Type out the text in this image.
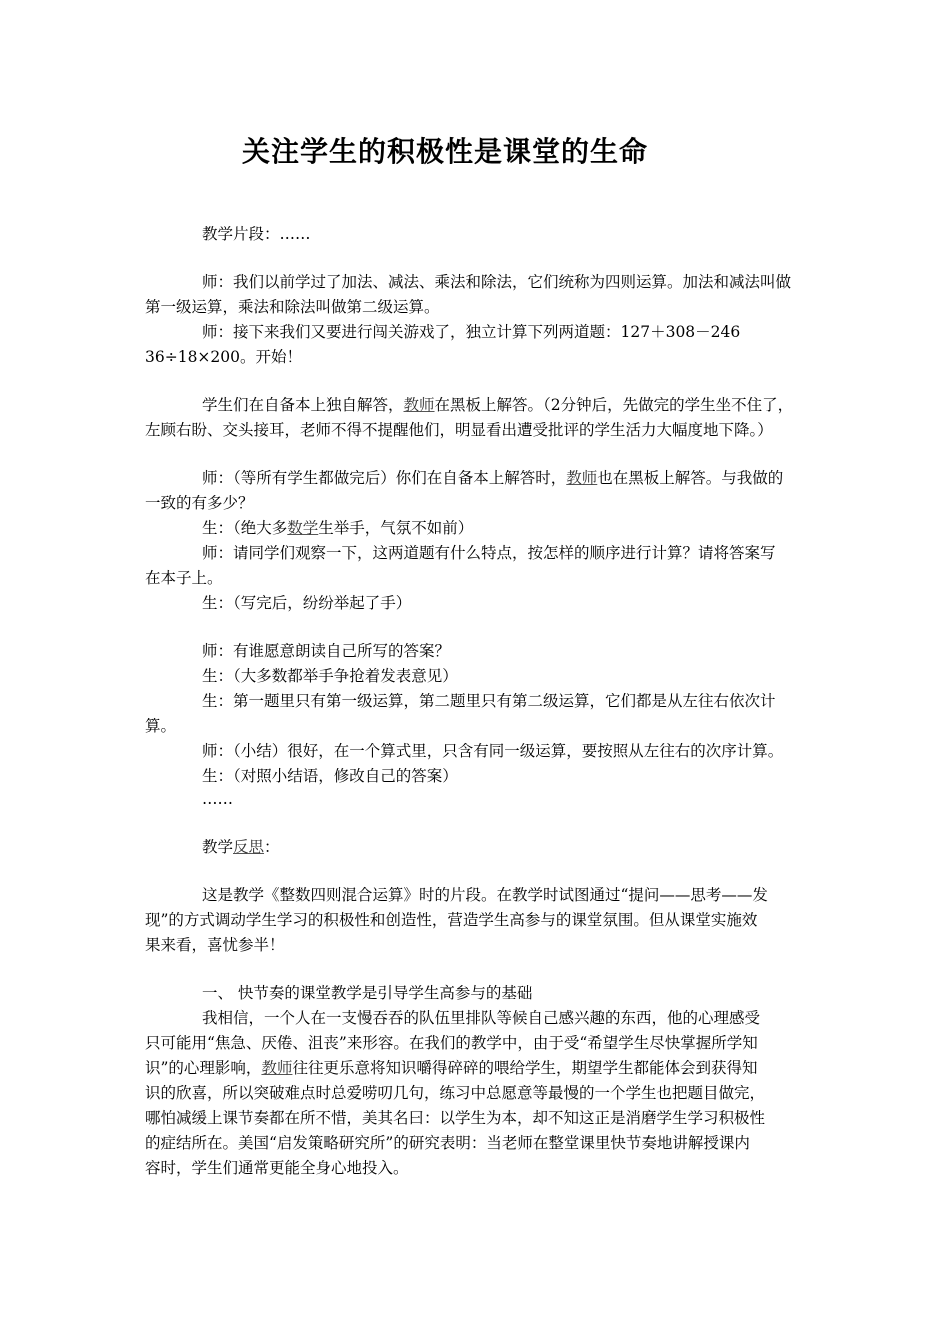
关注学生的积极性是课堂的生命
教学片段：……
师：我们以前学过了加法、减法、乘法和除法，它们统称为四则运算。加法和减法叫做
第一级运算，乘法和除法叫做第二级运算。
师：接下来我们又要进行闯关游戏了，独立计算下列两道题：127＋308－246
36÷18×200。开始！
学生们在自备本上独自解答，教师在黑板上解答。（2分钟后，先做完的学生坐不住了，
左顾右盼、交头接耳，老师不得不提醒他们，明显看出遭受批评的学生活力大幅度地下降。）
师：（等所有学生都做完后）你们在自备本上解答时，教师也在黑板上解答。与我做的
一致的有多少？
生：（绝大多数学生举手，气氛不如前）
师：请同学们观察一下，这两道题有什么特点，按怎样的顺序进行计算？请将答案写
在本子上。
生：（写完后，纷纷举起了手）
师：有谁愿意朗读自己所写的答案？
生：（大多数都举手争抢着发表意见）
生：第一题里只有第一级运算，第二题里只有第二级运算，它们都是从左往右依次计
算。
师：（小结）很好，在一个算式里，只含有同一级运算，要按照从左往右的次序计算。
生：（对照小结语，修改自己的答案）
……
教学反思：
这是教学《整数四则混合运算》时的片段。在教学时试图通过“提问——思考——发
现”的方式调动学生学习的积极性和创造性，营造学生高参与的课堂氛围。但从课堂实施效
果来看，喜忧参半！
一、 快节奏的课堂教学是引导学生高参与的基础
我相信，一个人在一支慢吞吞的队伍里排队等候自己感兴趣的东西，他的心理感受
只可能用“焦急、厌倦、沮丧”来形容。在我们的教学中，由于受“希望学生尽快掌握所学知
识”的心理影响，教师往往更乐意将知识嚼得碎碎的喂给学生，期望学生都能体会到获得知
识的欣喜，所以突破难点时总爱唠叨几句，练习中总愿意等最慢的一个学生也把题目做完，
哪怕减缓上课节奏都在所不惜，美其名曰：以学生为本，却不知这正是消磨学生学习积极性
的症结所在。美国“启发策略研究所”的研究表明：当老师在整堂课里快节奏地讲解授课内
容时，学生们通常更能全身心地投入。
